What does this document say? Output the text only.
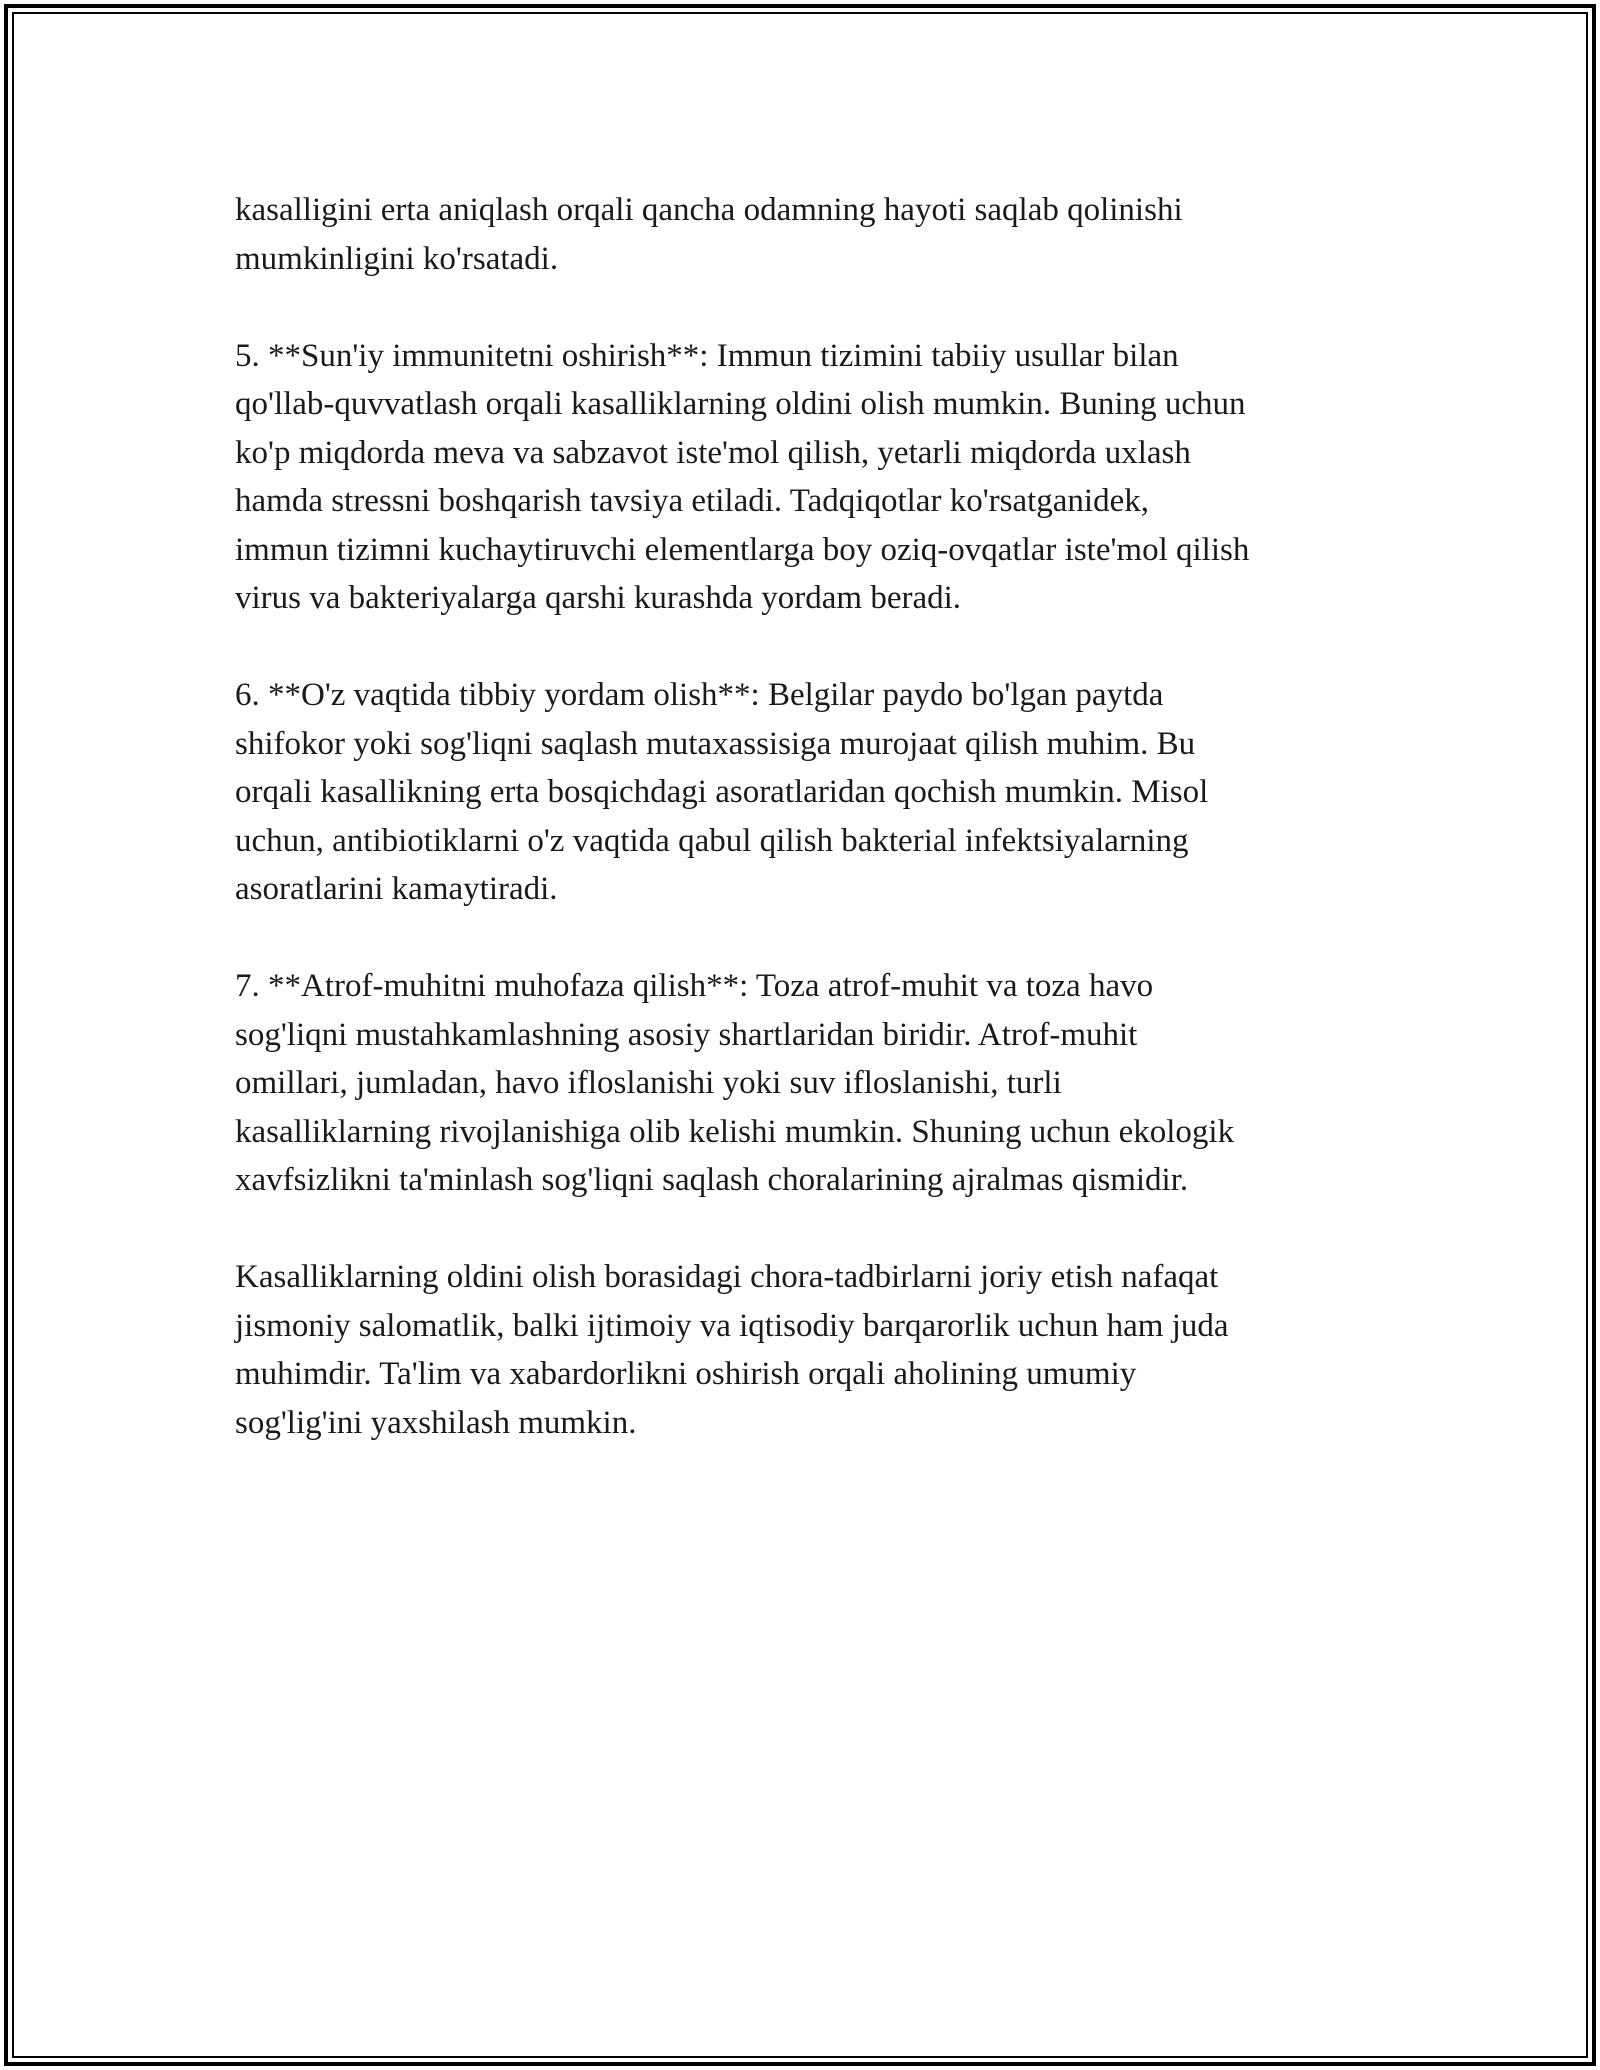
kasalligini erta aniqlash orqali qancha odamning hayoti saqlab qolinishi
mumkinligini ko'rsatadi.

5. **Sun'iy immunitetni oshirish**: Immun tizimini tabiiy usullar bilan
qo'llab-quvvatlash orqali kasalliklarning oldini olish mumkin. Buning uchun
ko'p miqdorda meva va sabzavot iste'mol qilish, yetarli miqdorda uxlash
hamda stressni boshqarish tavsiya etiladi. Tadqiqotlar ko'rsatganidek,
immun tizimni kuchaytiruvchi elementlarga boy oziq-ovqatlar iste'mol qilish
virus va bakteriyalarga qarshi kurashda yordam beradi.

6. **O'z vaqtida tibbiy yordam olish**: Belgilar paydo bo'lgan paytda
shifokor yoki sog'liqni saqlash mutaxassisiga murojaat qilish muhim. Bu
orqali kasallikning erta bosqichdagi asoratlaridan qochish mumkin. Misol
uchun, antibiotiklarni o'z vaqtida qabul qilish bakterial infektsiyalarning
asoratlarini kamaytiradi.

7. **Atrof-muhitni muhofaza qilish**: Toza atrof-muhit va toza havo
sog'liqni mustahkamlashning asosiy shartlaridan biridir. Atrof-muhit
omillari, jumladan, havo ifloslanishi yoki suv ifloslanishi, turli
kasalliklarning rivojlanishiga olib kelishi mumkin. Shuning uchun ekologik
xavfsizlikni ta'minlash sog'liqni saqlash choralarining ajralmas qismidir.

Kasalliklarning oldini olish borasidagi chora-tadbirlarni joriy etish nafaqat
jismoniy salomatlik, balki ijtimoiy va iqtisodiy barqarorlik uchun ham juda
muhimdir. Ta'lim va xabardorlikni oshirish orqali aholining umumiy
sog'lig'ini yaxshilash mumkin.
